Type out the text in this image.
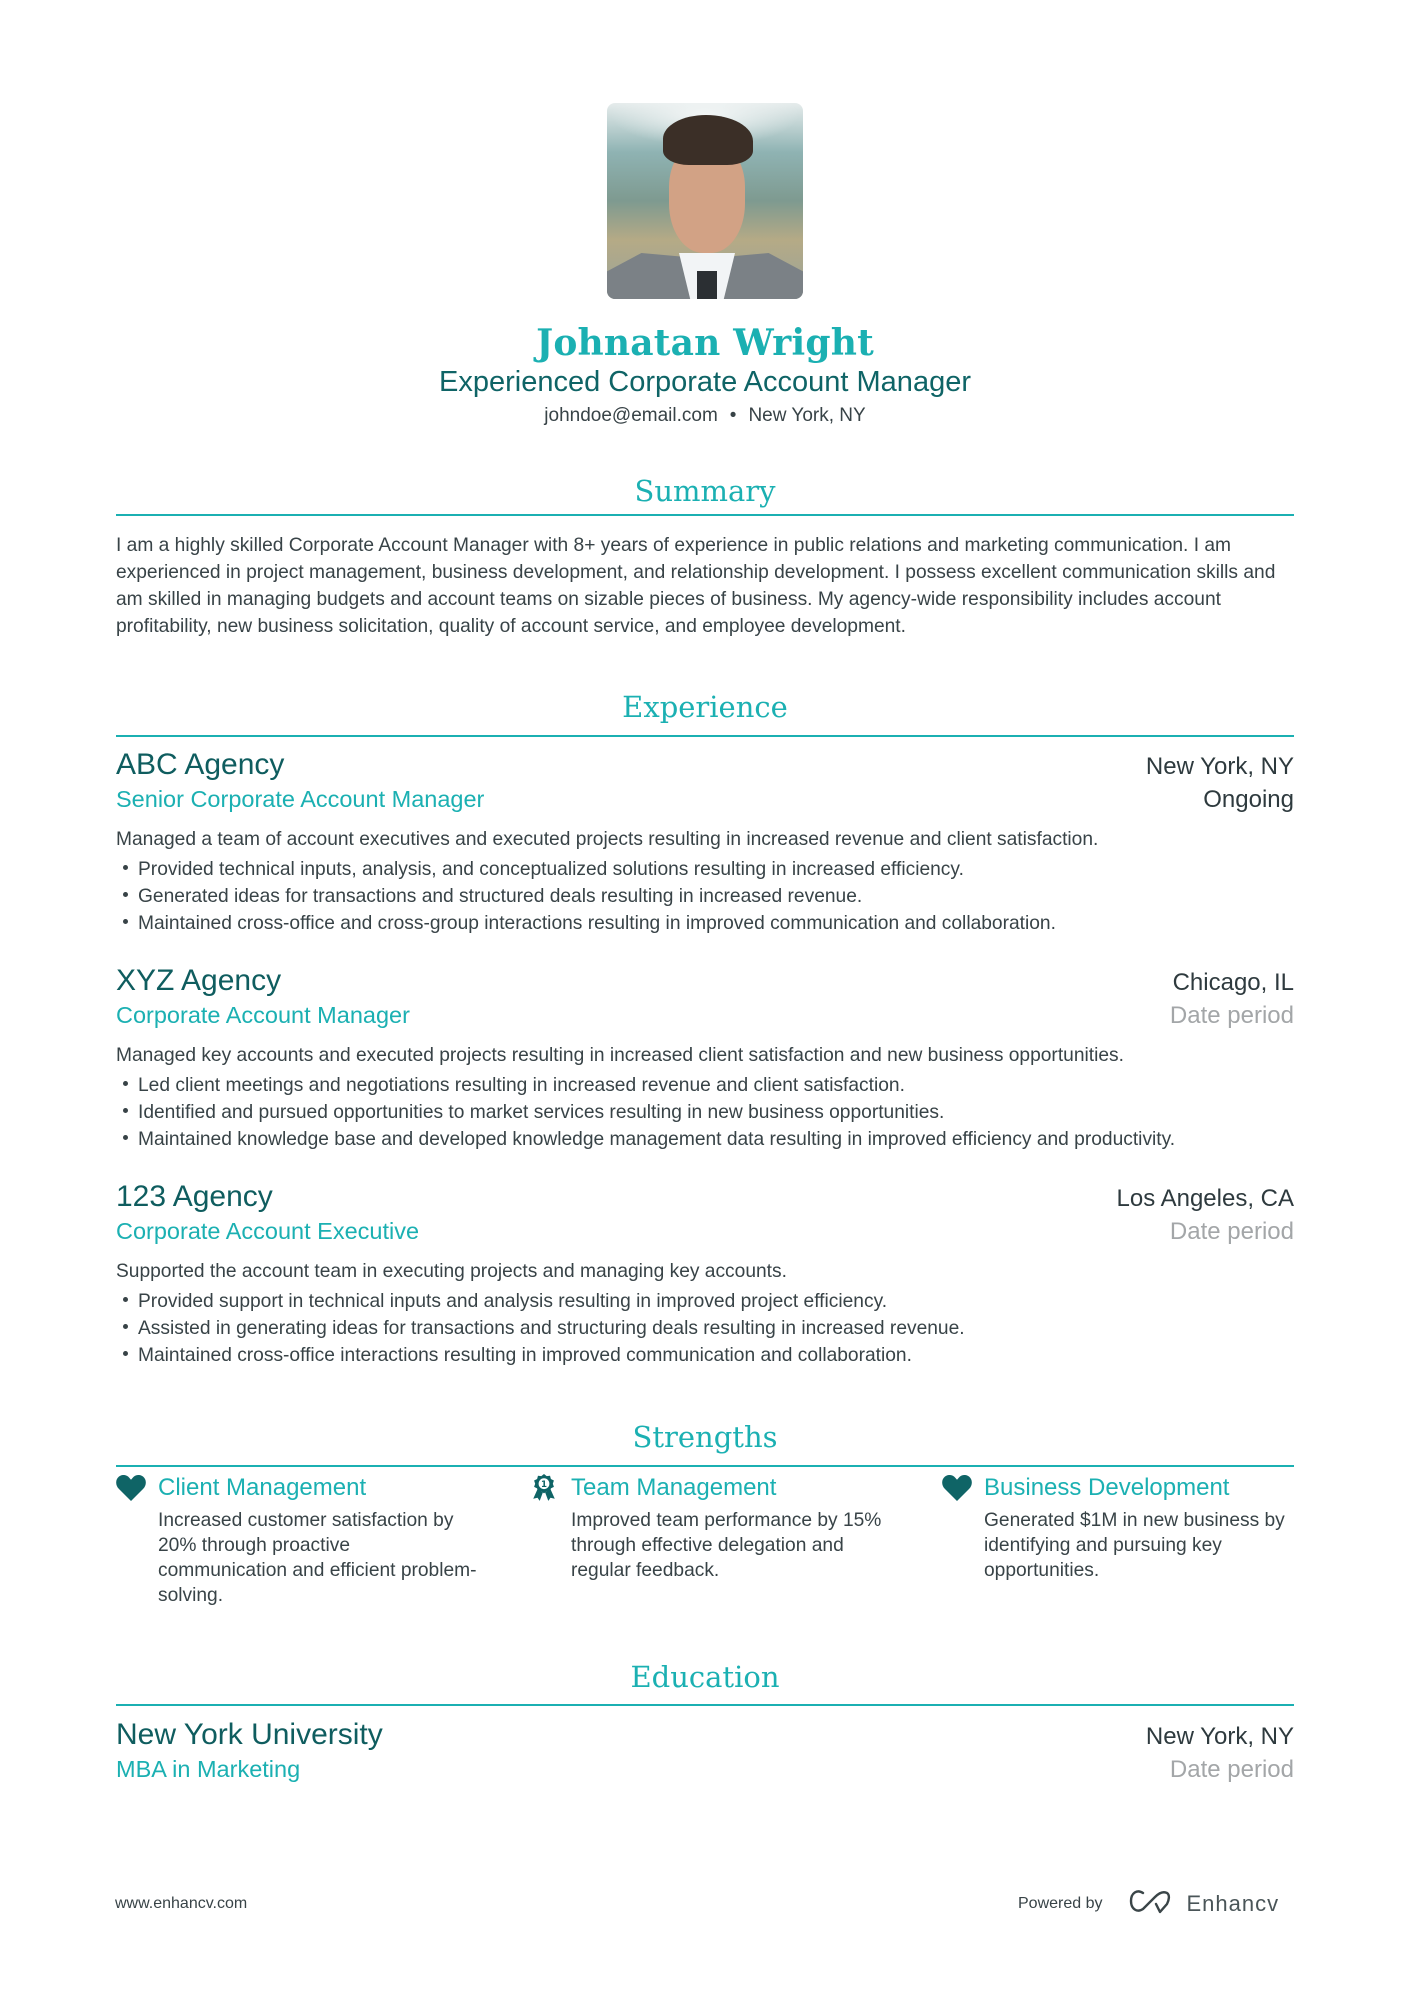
Johnatan Wright
Experienced Corporate Account Manager
johndoe@email.com • New York, NY
Summary
I am a highly skilled Corporate Account Manager with 8+ years of experience in public relations and marketing communication. I am experienced in project management, business development, and relationship development. I possess excellent communication skills and am skilled in managing budgets and account teams on sizable pieces of business. My agency-wide responsibility includes account profitability, new business solicitation, quality of account service, and employee development.
Experience
ABC Agency	New York, NY
Senior Corporate Account Manager	Ongoing
Managed a team of account executives and executed projects resulting in increased revenue and client satisfaction.
Provided technical inputs, analysis, and conceptualized solutions resulting in increased efficiency.
Generated ideas for transactions and structured deals resulting in increased revenue.
Maintained cross-office and cross-group interactions resulting in improved communication and collaboration.
XYZ Agency	Chicago, IL
Corporate Account Manager	Date period
Managed key accounts and executed projects resulting in increased client satisfaction and new business opportunities.
Led client meetings and negotiations resulting in increased revenue and client satisfaction.
Identified and pursued opportunities to market services resulting in new business opportunities.
Maintained knowledge base and developed knowledge management data resulting in improved efficiency and productivity.
123 Agency	Los Angeles, CA
Corporate Account Executive	Date period
Supported the account team in executing projects and managing key accounts.
Provided support in technical inputs and analysis resulting in improved project efficiency.
Assisted in generating ideas for transactions and structuring deals resulting in increased revenue.
Maintained cross-office interactions resulting in improved communication and collaboration.
Strengths
Client Management
Increased customer satisfaction by 20% through proactive communication and efficient problem-solving.
1 Team Management
Improved team performance by 15% through effective delegation and regular feedback.
Business Development
Generated $1M in new business by identifying and pursuing key opportunities.
Education
New York University	New York, NY
MBA in Marketing	Date period
www.enhancv.com	Powered by	Enhancv
